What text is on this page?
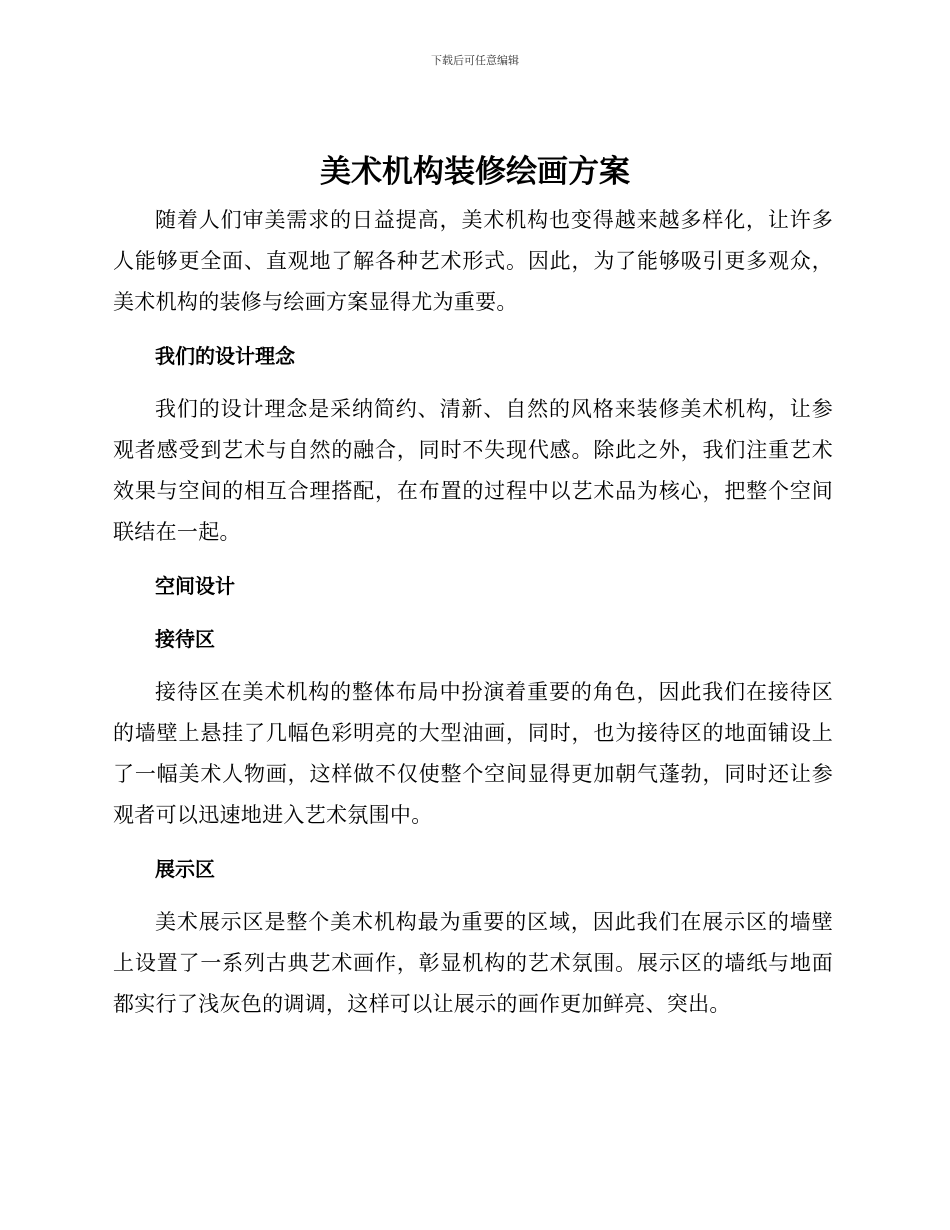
下载后可任意编辑
美术机构装修绘画方案

随着人们审美需求的日益提高，美术机构也变得越来越多样化，让许多人能够更全面、直观地了解各种艺术形式。因此，为了能够吸引更多观众，美术机构的装修与绘画方案显得尤为重要。

我们的设计理念

我们的设计理念是采纳简约、清新、自然的风格来装修美术机构，让参观者感受到艺术与自然的融合，同时不失现代感。除此之外，我们注重艺术效果与空间的相互合理搭配，在布置的过程中以艺术品为核心，把整个空间联结在一起。

空间设计
接待区

接待区在美术机构的整体布局中扮演着重要的角色，因此我们在接待区的墙壁上悬挂了几幅色彩明亮的大型油画，同时，也为接待区的地面铺设上了一幅美术人物画，这样做不仅使整个空间显得更加朝气蓬勃，同时还让参观者可以迅速地进入艺术氛围中。

展示区

美术展示区是整个美术机构最为重要的区域，因此我们在展示区的墙壁上设置了一系列古典艺术画作，彰显机构的艺术氛围。展示区的墙纸与地面都实行了浅灰色的调调，这样可以让展示的画作更加鲜亮、突出。
